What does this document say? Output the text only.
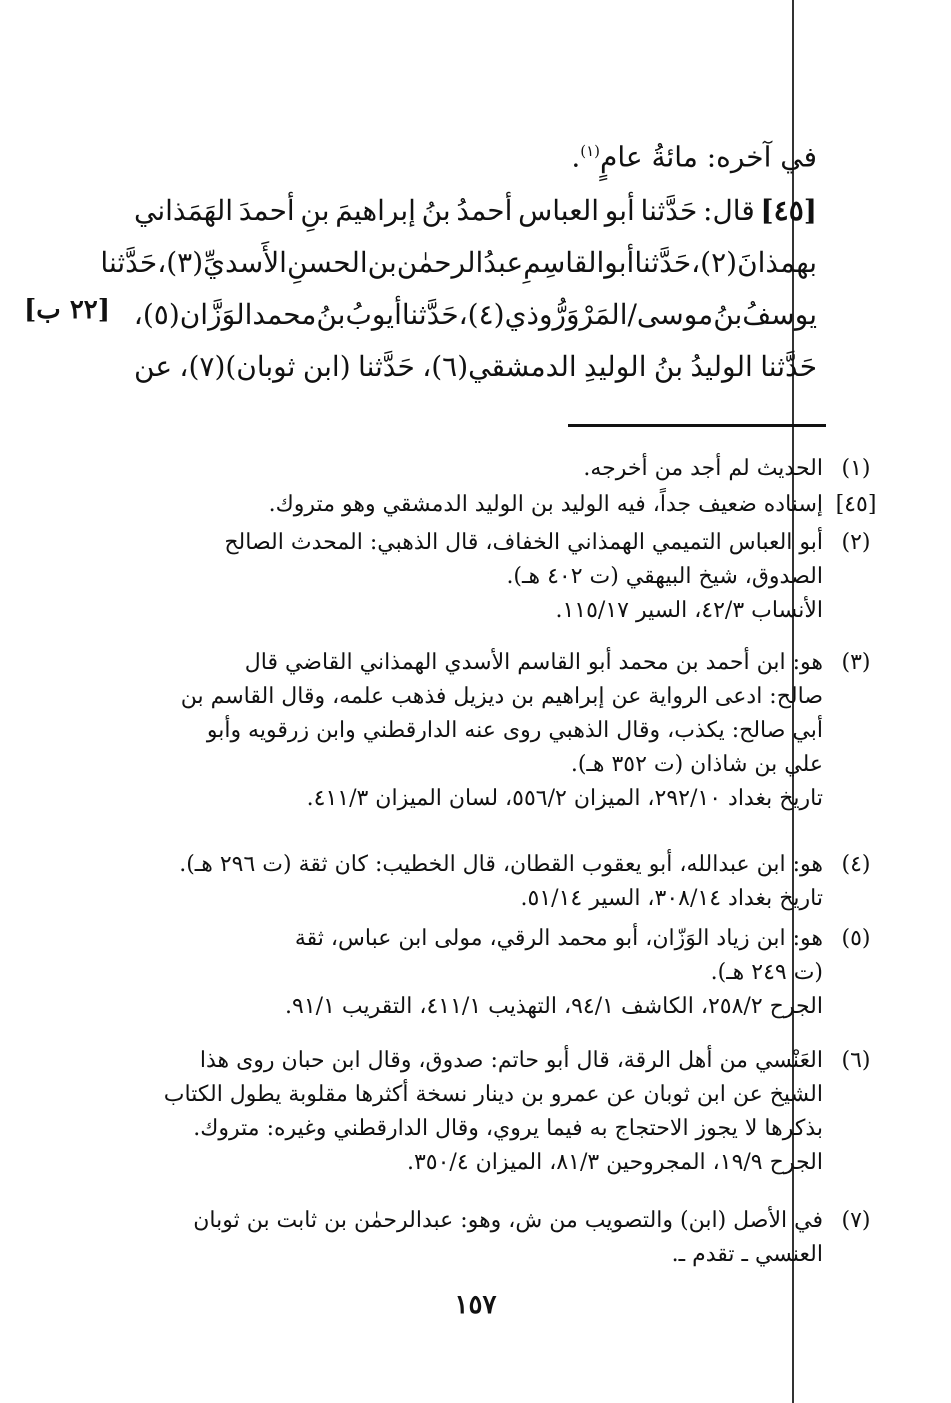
في آخره: مائةُ عامٍ$^{(١)}$.
[٤٥]
قال:
حَدَّثنا
أبو
العباس
أحمدُ
بنُ
إبراهيمَ
بنِ
أحمدَ
الهَمَذاني
بهمذانَ(٢)،
حَدَّثنا
أبو
القاسِمِ
عبدُالرحمٰن
بن
الحسنِ
الأَسديِّ(٣)،
حَدَّثنا
يوسفُ
بنُ
موسى/
المَرْوَرُّوذي(٤)،
حَدَّثنا
أيوبُ
بنُ
محمد
الوَزَّان(٥)،
حَدَّثنا
الوليدُ
بنُ
الوليدِ
الدمشقي(٦)،
حَدَّثنا
(ابن
ثوبان)(٧)،
عن
[٢٢ ب]
(١)
الحديث لم أجد من أخرجه.
[٤٥]
إسناده ضعيف جداً، فيه الوليد بن الوليد الدمشقي وهو متروك.
(٢)
أبو العباس التميمي الهمذاني الخفاف، قال الذهبي: المحدث الصالح
الصدوق، شيخ البيهقي (ت ٤٠٢ هـ).
الأنساب ٤٢/٣، السير ١١٥/١٧.
(٣)
هو: ابن أحمد بن محمد أبو القاسم الأسدي الهمذاني القاضي قال
صالح: ادعى الرواية عن إبراهيم بن ديزيل فذهب علمه، وقال القاسم بن
أبي صالح: يكذب، وقال الذهبي روى عنه الدارقطني وابن زرقويه وأبو
علي بن شاذان (ت ٣٥٢ هـ).
تاريخ بغداد ٢٩٢/١٠، الميزان ٥٥٦/٢، لسان الميزان ٤١١/٣.
(٤)
هو: ابن عبدالله، أبو يعقوب القطان، قال الخطيب: كان ثقة (ت ٢٩٦ هـ).
تاريخ بغداد ٣٠٨/١٤، السير ٥١/١٤.
(٥)
هو: ابن زياد الوَزّان، أبو محمد الرقي، مولى ابن عباس، ثقة
(ت ٢٤٩ هـ).
الجرح ٢٥٨/٢، الكاشف ٩٤/١، التهذيب ٤١١/١، التقريب ٩١/١.
(٦)
العَنْسي من أهل الرقة، قال أبو حاتم: صدوق، وقال ابن حبان روى هذا
الشيخ عن ابن ثوبان عن عمرو بن دينار نسخة أكثرها مقلوبة يطول الكتاب
بذكرها لا يجوز الاحتجاج به فيما يروي، وقال الدارقطني وغيره: متروك.
الجرح ١٩/٩، المجروحين ٨١/٣، الميزان ٣٥٠/٤.
(٧)
في الأصل (ابن) والتصويب من ش، وهو: عبدالرحمٰن بن ثابت بن ثوبان
العنسي ـ تقدم ـ.
١٥٧
